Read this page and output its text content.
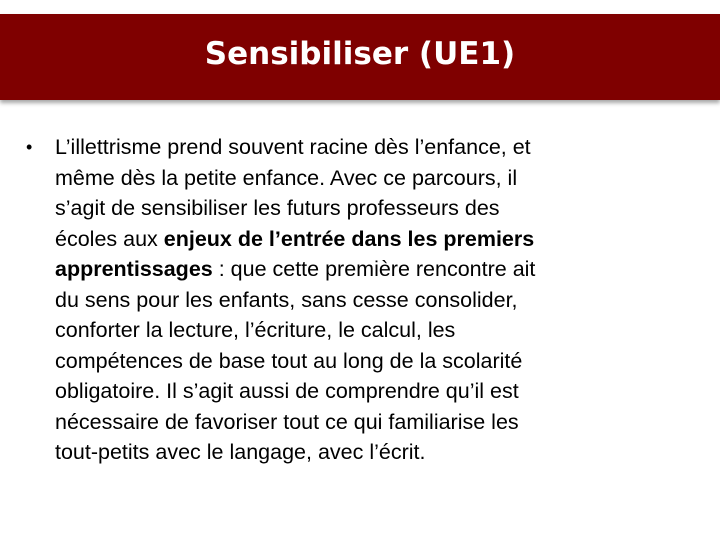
Sensibiliser (UE1)
•	L’illettrisme prend souvent racine dès l’enfance, et
même dès la petite enfance. Avec ce parcours, il
s’agit de sensibiliser les futurs professeurs des
écoles aux enjeux de l’entrée dans les premiers
apprentissages : que cette première rencontre ait
du sens pour les enfants, sans cesse consolider,
conforter la lecture, l’écriture, le calcul, les
compétences de base tout au long de la scolarité
obligatoire. Il s’agit aussi de comprendre qu’il est
nécessaire de favoriser tout ce qui familiarise les
tout-petits avec le langage, avec l’écrit.
